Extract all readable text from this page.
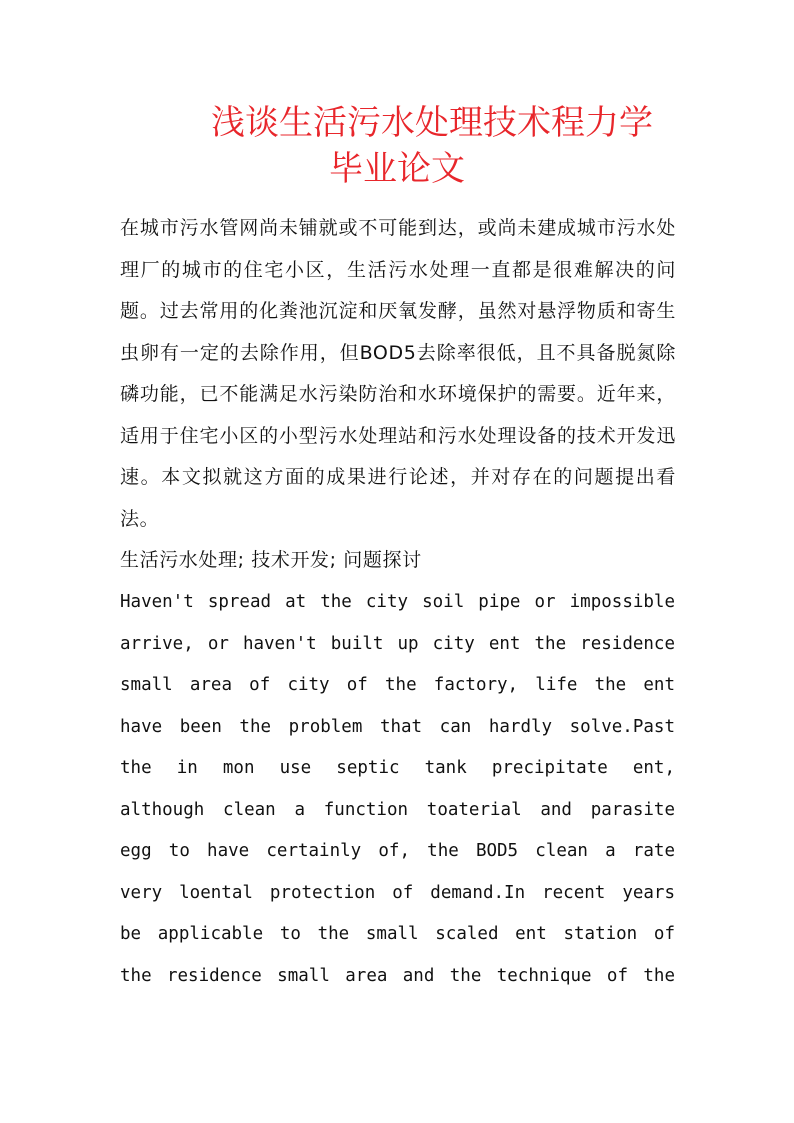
浅谈生活污水处理技术程力学
毕业论文

在城市污水管网尚未铺就或不可能到达，或尚未建成城市污水处理厂的城市的住宅小区，生活污水处理一直都是很难解决的问题。过去常用的化粪池沉淀和厌氧发酵，虽然对悬浮物质和寄生虫卵有一定的去除作用，但BOD5去除率很低，且不具备脱氮除磷功能，已不能满足水污染防治和水环境保护的需要。近年来，适用于住宅小区的小型污水处理站和污水处理设备的技术开发迅速。本文拟就这方面的成果进行论述，并对存在的问题提出看法。

生活污水处理; 技术开发; 问题探讨

Haven't spread at the city soil pipe or impossible
arrive, or haven't built up city ent the residence
small area of city of the factory, life the ent
have been the problem that can hardly solve.Past
the in mon use septic tank precipitate ent,
although clean a function toaterial and parasite
egg to have certainly of, the BOD5 clean a rate
very loental protection of demand.In recent years
be applicable to the small scaled ent station of
the residence small area and the technique of the
